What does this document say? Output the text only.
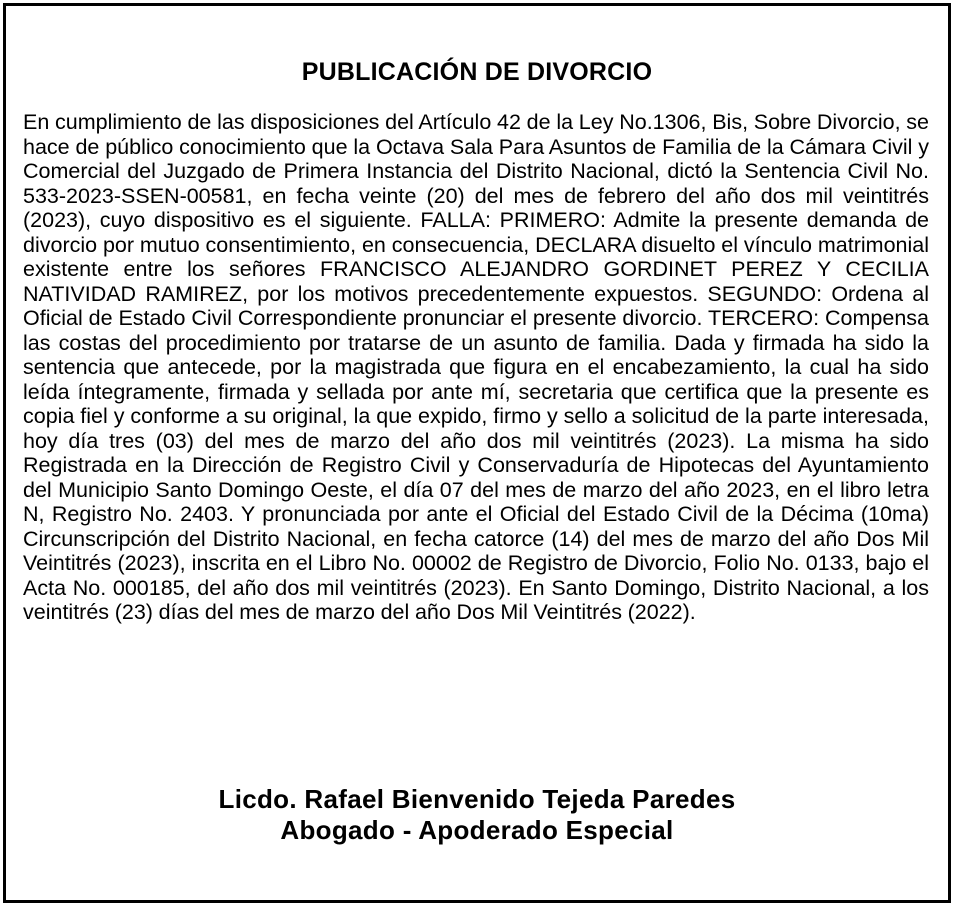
PUBLICACIÓN DE DIVORCIO
En cumplimiento de las disposiciones del Artículo 42 de la Ley No.1306, Bis, Sobre Divorcio, se hace de público conocimiento que la Octava Sala Para Asuntos de Familia de la Cámara Civil y Comercial del Juzgado de Primera Instancia del Distrito Nacional, dictó la Sentencia Civil No. 533-2023-SSEN-00581, en fecha veinte (20) del mes de febrero del año dos mil veintitrés (2023), cuyo dispositivo es el siguiente. FALLA: PRIMERO: Admite la presente demanda de divorcio por mutuo consentimiento, en consecuencia, DECLARA disuelto el vínculo matrimonial existente entre los señores FRANCISCO ALEJANDRO GORDINET PEREZ Y CECILIA NATIVIDAD RAMIREZ, por los motivos precedentemente expuestos. SEGUNDO: Ordena al Oficial de Estado Civil Correspondiente pronunciar el presente divorcio. TERCERO: Compensa las costas del procedimiento por tratarse de un asunto de familia. Dada y firmada ha sido la sentencia que antecede, por la magistrada que figura en el encabezamiento, la cual ha sido leída íntegramente, firmada y sellada por ante mí, secretaria que certifica que la presente es copia fiel y conforme a su original, la que expido, firmo y sello a solicitud de la parte interesada, hoy día tres (03) del mes de marzo del año dos mil veintitrés (2023). La misma ha sido Registrada en la Dirección de Registro Civil y Conservaduría de Hipotecas del Ayuntamiento del Municipio Santo Domingo Oeste, el día 07 del mes de marzo del año 2023, en el libro letra N, Registro No. 2403. Y pronunciada por ante el Oficial del Estado Civil de la Décima (10ma) Circunscripción del Distrito Nacional, en fecha catorce (14) del mes de marzo del año Dos Mil Veintitrés (2023), inscrita en el Libro No. 00002 de Registro de Divorcio, Folio No. 0133, bajo el Acta No. 000185, del año dos mil veintitrés (2023). En Santo Domingo, Distrito Nacional, a los veintitrés (23) días del mes de marzo del año Dos Mil Veintitrés (2022).
Licdo. Rafael Bienvenido Tejeda Paredes
Abogado - Apoderado Especial
